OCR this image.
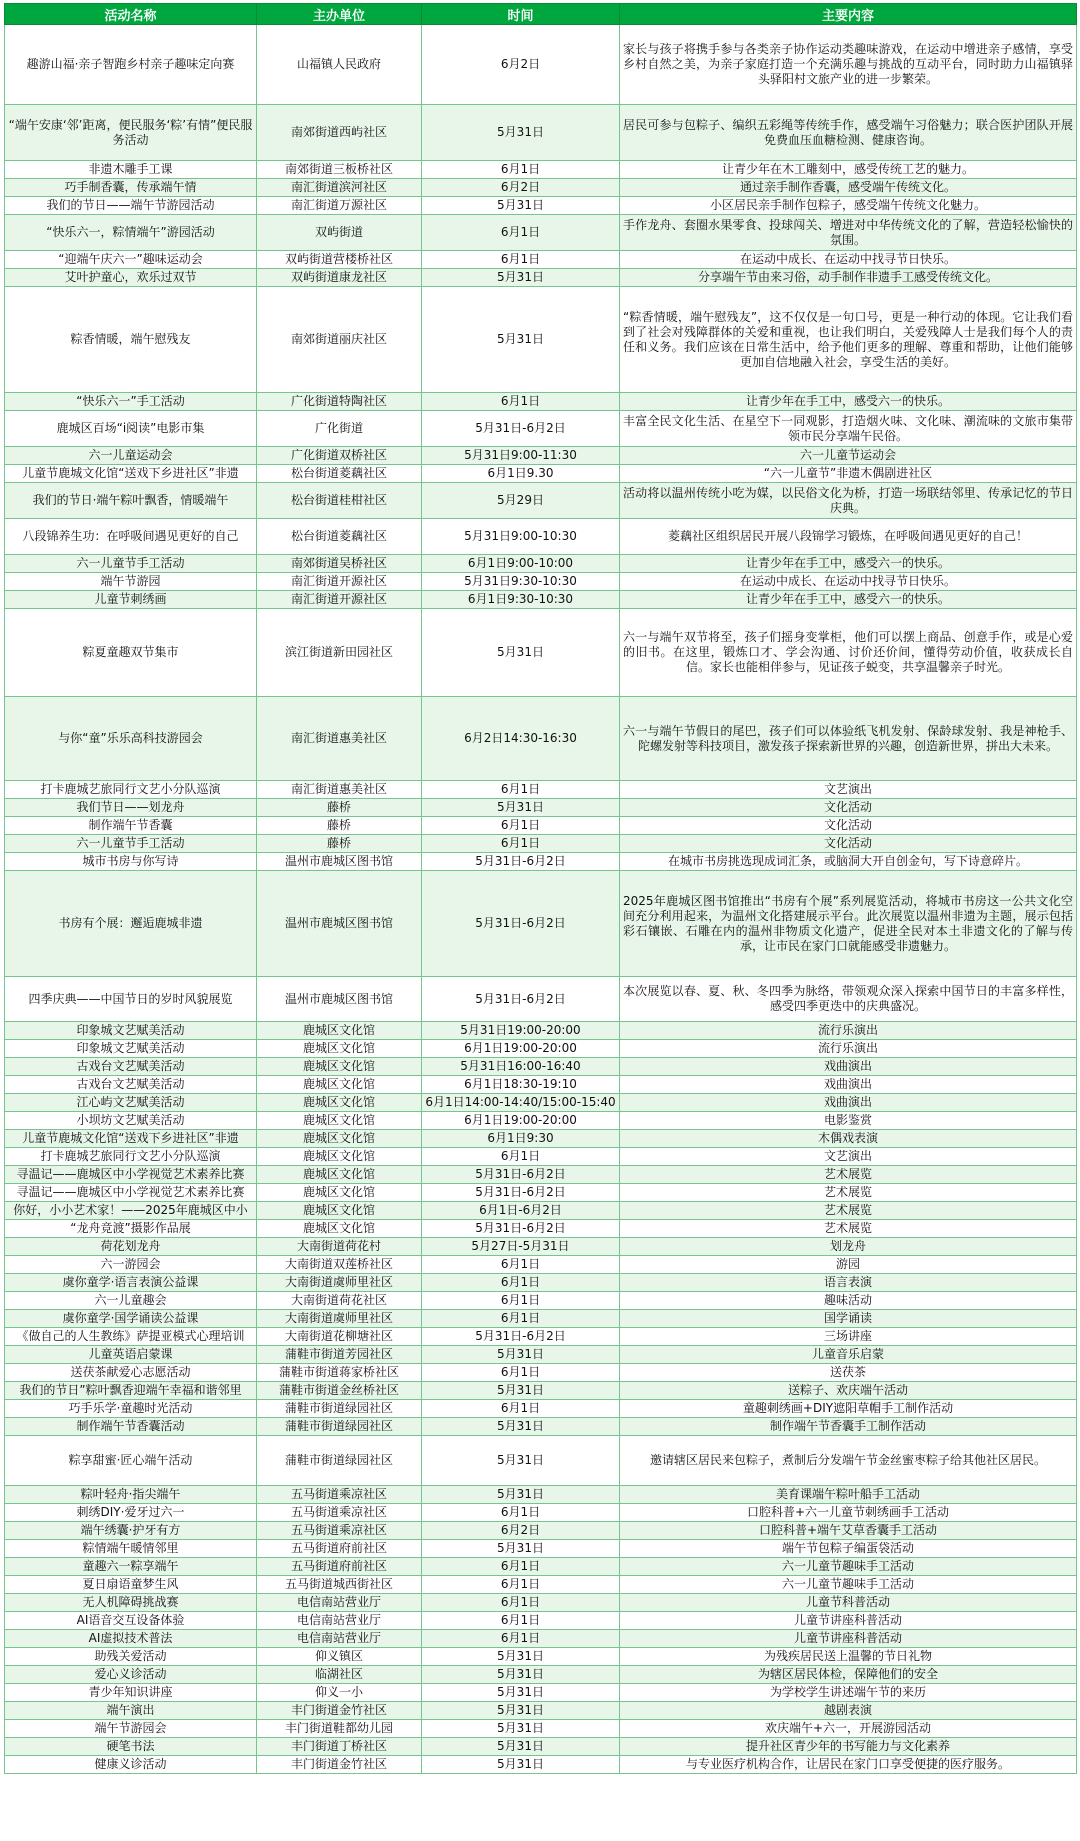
活动名称	主办单位	时间	主要内容
趣游山福·亲子智跑乡村亲子趣味定向赛	山福镇人民政府	6月2日	家长与孩子将携手参与各类亲子协作运动类趣味游戏，在运动中增进亲子感情，享受乡村自然之美，为亲子家庭打造一个充满乐趣与挑战的互动平台，同时助力山福镇驿头驿阳村文旅产业的进一步繁荣。
“端午安康‘邻’距离，便民服务‘粽’有情”便民服务活动	南郊街道西屿社区	5月31日	居民可参与包粽子、编织五彩绳等传统手作，感受端午习俗魅力；联合医护团队开展免费血压血糖检测、健康咨询。
非遗木雕手工课	南郊街道三板桥社区	6月1日	让青少年在木工雕刻中，感受传统工艺的魅力。
巧手制香囊，传承端午情	南汇街道滨河社区	6月2日	通过亲手制作香囊，感受端午传统文化。
我们的节日——端午节游园活动	南汇街道万源社区	5月31日	小区居民亲手制作包粽子，感受端午传统文化魅力。
“快乐六一，粽情端午”游园活动	双屿街道	6月1日	手作龙舟、套圈水果零食、投球闯关、增进对中华传统文化的了解，营造轻松愉快的氛围。
“迎端午庆六一”趣味运动会	双屿街道营楼桥社区	6月1日	在运动中成长、在运动中找寻节日快乐。
艾叶护童心，欢乐过双节	双屿街道康龙社区	5月31日	分享端午节由来习俗，动手制作非遗手工感受传统文化。
粽香情暖，端午慰残友	南郊街道丽庆社区	5月31日	“粽香情暖，端午慰残友”，这不仅仅是一句口号，更是一种行动的体现。它让我们看到了社会对残障群体的关爱和重视，也让我们明白，关爱残障人士是我们每个人的责任和义务。我们应该在日常生活中，给予他们更多的理解、尊重和帮助，让他们能够更加自信地融入社会，享受生活的美好。
“快乐六一”手工活动	广化街道特陶社区	6月1日	让青少年在手工中，感受六一的快乐。
鹿城区百场“i阅读”电影市集	广化街道	5月31日-6月2日	丰富全民文化生活、在星空下一同观影，打造烟火味、文化味、潮流味的文旅市集带领市民分享端午民俗。
六一儿童运动会	广化街道双桥社区	5月31日9:00-11:30	六一儿童节运动会
儿童节鹿城文化馆“送戏下乡进社区”非遗	松台街道菱藕社区	6月1日9.30	“六一儿童节”非遗木偶剧进社区
我们的节日·端午粽叶飘香，情暖端午	松台街道桂柑社区	5月29日	活动将以温州传统小吃为媒，以民俗文化为桥，打造一场联结邻里、传承记忆的节日庆典。
八段锦养生功：在呼吸间遇见更好的自己	松台街道菱藕社区	5月31日9:00-10:30	菱藕社区组织居民开展八段锦学习锻炼，在呼吸间遇见更好的自己！
六一儿童节手工活动	南郊街道吴桥社区	6月1日9:00-10:00	让青少年在手工中，感受六一的快乐。
端午节游园	南汇街道开源社区	5月31日9:30-10:30	在运动中成长、在运动中找寻节日快乐。
儿童节刺绣画	南汇街道开源社区	6月1日9:30-10:30	让青少年在手工中，感受六一的快乐。
粽夏童趣双节集市	滨江街道新田园社区	5月31日	六一与端午双节将至，孩子们摇身变掌柜，他们可以摆上商品、创意手作，或是心爱的旧书。在这里，锻炼口才、学会沟通、讨价还价间，懂得劳动价值，收获成长自信。家长也能相伴参与，见证孩子蜕变，共享温馨亲子时光。
与你“童”乐乐高科技游园会	南汇街道惠美社区	6月2日14:30-16:30	六一与端午节假日的尾巴，孩子们可以体验纸飞机发射、保龄球发射、我是神枪手、陀螺发射等科技项目，激发孩子探索新世界的兴趣，创造新世界，拼出大未来。
打卡鹿城艺旅同行文艺小分队巡演	南汇街道惠美社区	6月1日	文艺演出
我们节日——划龙舟	藤桥	5月31日	文化活动
制作端午节香囊	藤桥	6月1日	文化活动
六一儿童节手工活动	藤桥	6月1日	文化活动
城市书房与你写诗	温州市鹿城区图书馆	5月31日-6月2日	在城市书房挑选现成词汇条，或脑洞大开自创金句，写下诗意碎片。
书房有个展：邂逅鹿城非遗	温州市鹿城区图书馆	5月31日-6月2日	2025年鹿城区图书馆推出“书房有个展”系列展览活动，将城市书房这一公共文化空间充分利用起来，为温州文化搭建展示平台。此次展览以温州非遗为主题，展示包括彩石镶嵌、石雕在内的温州非物质文化遗产，促进全民对本土非遗文化的了解与传承，让市民在家门口就能感受非遗魅力。
四季庆典——中国节日的岁时风貌展览	温州市鹿城区图书馆	5月31日-6月2日	本次展览以春、夏、秋、冬四季为脉络，带领观众深入探索中国节日的丰富多样性，感受四季更迭中的庆典盛况。
印象城文艺赋美活动	鹿城区文化馆	5月31日19:00-20:00	流行乐演出
印象城文艺赋美活动	鹿城区文化馆	6月1日19:00-20:00	流行乐演出
古戏台文艺赋美活动	鹿城区文化馆	5月31日16:00-16:40	戏曲演出
古戏台文艺赋美活动	鹿城区文化馆	6月1日18:30-19:10	戏曲演出
江心屿文艺赋美活动	鹿城区文化馆	6月1日14:00-14:40/15:00-15:40	戏曲演出
小坝坊文艺赋美活动	鹿城区文化馆	6月1日19:00-20:00	电影鉴赏
儿童节鹿城文化馆“送戏下乡进社区”非遗	鹿城区文化馆	6月1日9:30	木偶戏表演
打卡鹿城艺旅同行文艺小分队巡演	鹿城区文化馆	6月1日	文艺演出
寻温记——鹿城区中小学视觉艺术素养比赛	鹿城区文化馆	5月31日-6月2日	艺术展览
寻温记——鹿城区中小学视觉艺术素养比赛	鹿城区文化馆	5月31日-6月2日	艺术展览
你好，小小艺术家！——2025年鹿城区中小	鹿城区文化馆	6月1日-6月2日	艺术展览
“龙舟竞渡”摄影作品展	鹿城区文化馆	5月31日-6月2日	艺术展览
荷花划龙舟	大南街道荷花村	5月27日-5月31日	划龙舟
六一游园会	大南街道双莲桥社区	6月1日	游园
虞你童学·语言表演公益课	大南街道虞师里社区	6月1日	语言表演
六一儿童趣会	大南街道荷花社区	6月1日	趣味活动
虞你童学·国学诵读公益课	大南街道虞师里社区	6月1日	国学诵读
《做自己的人生教练》萨提亚模式心理培训	大南街道花柳塘社区	5月31日-6月2日	三场讲座
儿童英语启蒙课	蒲鞋市街道芳园社区	5月31日	儿童音乐启蒙
送茯茶献爱心志愿活动	蒲鞋市街道蒋家桥社区	6月1日	送茯茶
我们的节日”粽叶飘香迎端午幸福和谐邻里	蒲鞋市街道金丝桥社区	5月31日	送粽子、欢庆端午活动
巧手乐学·童趣时光活动	蒲鞋市街道绿园社区	6月1日	童趣刺绣画+DIY遮阳草帽手工制作活动
制作端午节香囊活动	蒲鞋市街道绿园社区	5月31日	制作端午节香囊手工制作活动
粽享甜蜜·匠心端午活动	蒲鞋市街道绿园社区	5月31日	邀请辖区居民来包粽子，煮制后分发端午节金丝蜜枣粽子给其他社区居民。
粽叶轻舟·指尖端午	五马街道乘凉社区	5月31日	美育课端午粽叶船手工活动
刺绣DIY·爱牙过六一	五马街道乘凉社区	6月1日	口腔科普+六一儿童节刺绣画手工活动
端午绣囊·护牙有方	五马街道乘凉社区	6月2日	口腔科普+端午艾草香囊手工活动
粽情端午暖情邻里	五马街道府前社区	5月31日	端午节包粽子编蛋袋活动
童趣六一粽享端午	五马街道府前社区	6月1日	六一儿童节趣味手工活动
夏日扇语童梦生风	五马街道城西街社区	6月1日	六一儿童节趣味手工活动
无人机障碍挑战赛	电信南站营业厅	6月1日	儿童节科普活动
AI语音交互设备体验	电信南站营业厅	6月1日	儿童节讲座科普活动
AI虚拟技术普法	电信南站营业厅	6月1日	儿童节讲座科普活动
助残关爱活动	仰义镇区	5月31日	为残疾居民送上温馨的节日礼物
爱心义诊活动	临湖社区	5月31日	为辖区居民体检，保障他们的安全
青少年知识讲座	仰义一小	5月31日	为学校学生讲述端午节的来历
端午演出	丰门街道金竹社区	5月31日	越剧表演
端午节游园会	丰门街道鞋都幼儿园	5月31日	欢庆端午+六一，开展游园活动
硬笔书法	丰门街道丁桥社区	5月31日	提升社区青少年的书写能力与文化素养
健康义诊活动	丰门街道金竹社区	5月31日	与专业医疗机构合作，让居民在家门口享受便捷的医疗服务。
